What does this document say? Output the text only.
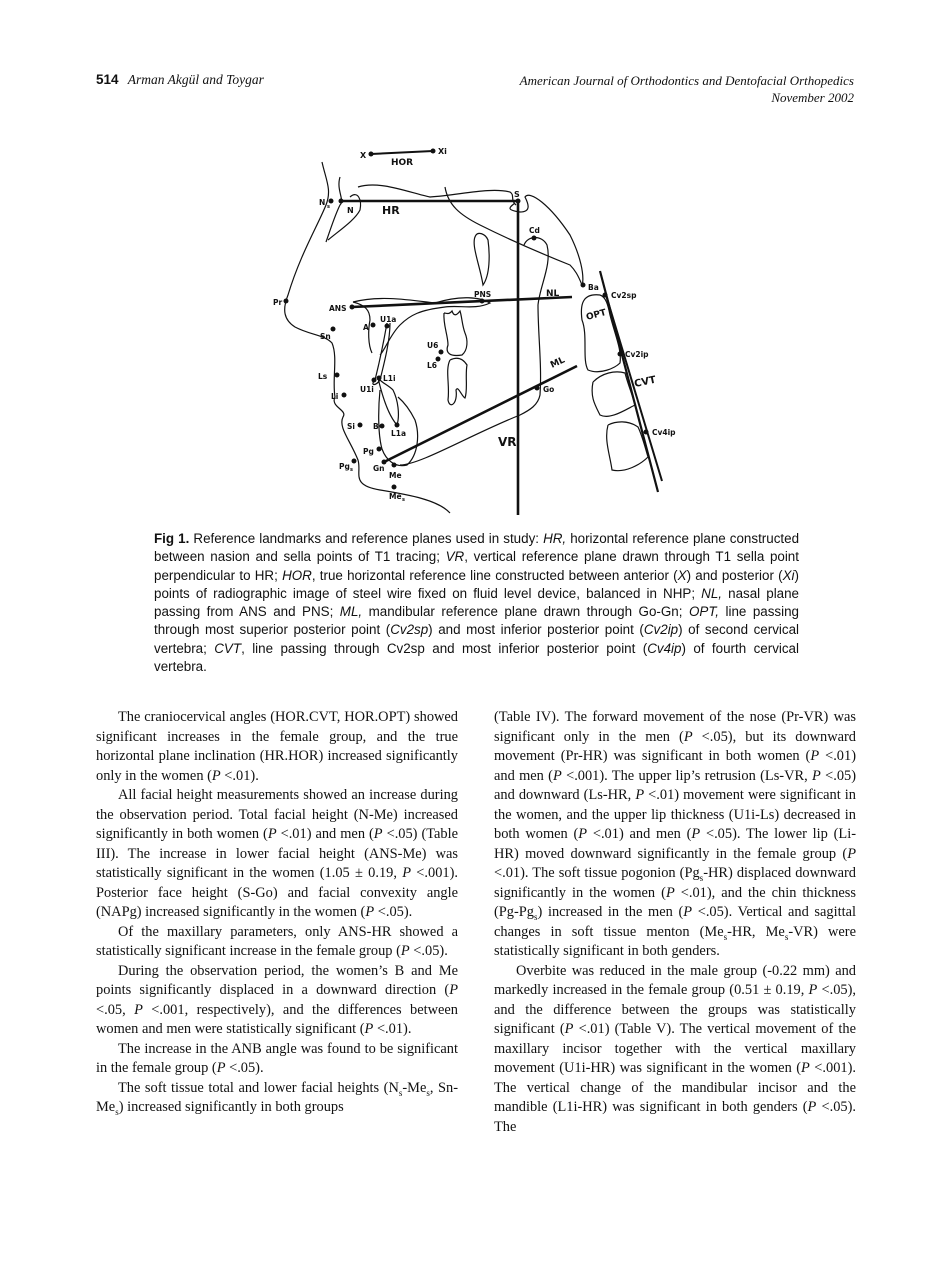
514 Arman Akgül and Toygar	American Journal of Orthodontics and Dentofacial Orthopedics
November 2002
X	Xi
HOR
N s N	HR
S
Cd
Pr
ANS
PNS	NL
Ba
Cv2sp
OPT
A
U1a
U6
L6
Sn
Ls
Li
U1i
L1i
ML
Go
Cv2ip
CVT
Si B
L1a
Pg
Pg s	Gn
Me
Me s
VR
Cv4ip
Fig 1. Reference landmarks and reference planes used in study: HR, horizontal reference plane constructed between nasion and sella points of T1 tracing; VR, vertical reference plane drawn through T1 sella point perpendicular to HR; HOR, true horizontal reference line constructed between anterior (X) and posterior (Xi) points of radiographic image of steel wire fixed on fluid level device, balanced in NHP; NL, nasal plane passing from ANS and PNS; ML, mandibular reference plane drawn through Go-Gn; OPT, line passing through most superior posterior point (Cv2sp) and most inferior posterior point (Cv2ip) of second cervical vertebra; CVT, line passing through Cv2sp and most inferior posterior point (Cv4ip) of fourth cervical vertebra.

The craniocervical angles (HOR.CVT, HOR.OPT) showed significant increases in the female group, and the true horizontal plane inclination (HR.HOR) increased significantly only in the women (P <.01).

All facial height measurements showed an increase during the observation period. Total facial height (N-Me) increased significantly in both women (P <.01) and men (P <.05) (Table III). The increase in lower facial height (ANS-Me) was statistically significant in the women (1.05 ± 0.19, P <.001). Posterior face height (S-Go) and facial convexity angle (NAPg) increased significantly in the women (P <.05).

Of the maxillary parameters, only ANS-HR showed a statistically significant increase in the female group (P <.05).

During the observation period, the women’s B and Me points significantly displaced in a downward direction (P <.05, P <.001, respectively), and the differences between women and men were statistically significant (P <.01).

The increase in the ANB angle was found to be significant in the female group (P <.05).

The soft tissue total and lower facial heights ($N_s-Me_s$, $Sn-Me_s$) increased significantly in both groups

(Table IV). The forward movement of the nose (Pr-VR) was significant only in the men (P <.05), but its downward movement (Pr-HR) was significant in both women (P <.01) and men (P <.001). The upper lip’s retrusion (Ls-VR, P <.05) and downward (Ls-HR, P <.01) movement were significant in the women, and the upper lip thickness (U1i-Ls) decreased in both women (P <.01) and men (P <.05). The lower lip (Li-HR) moved downward significantly in the female group (P <.01). The soft tissue pogonion $(Pg_s-HR)$ displaced downward significantly in the women (P <.01), and the chin thickness $(Pg-Pg_s)$ increased in the men (P <.05). Vertical and sagittal changes in soft tissue menton ($Me_s-HR$, $Me_s-VR$) were statistically significant in both genders.

Overbite was reduced in the male group (-0.22 mm) and markedly increased in the female group (0.51 ± 0.19, P <.05), and the difference between the groups was statistically significant (P <.01) (Table V). The vertical movement of the maxillary incisor together with the vertical maxillary movement (U1i-HR) was significant in the women (P <.001). The vertical change of the mandibular incisor and the mandible (L1i-HR) was significant in both genders (P <.05). The
